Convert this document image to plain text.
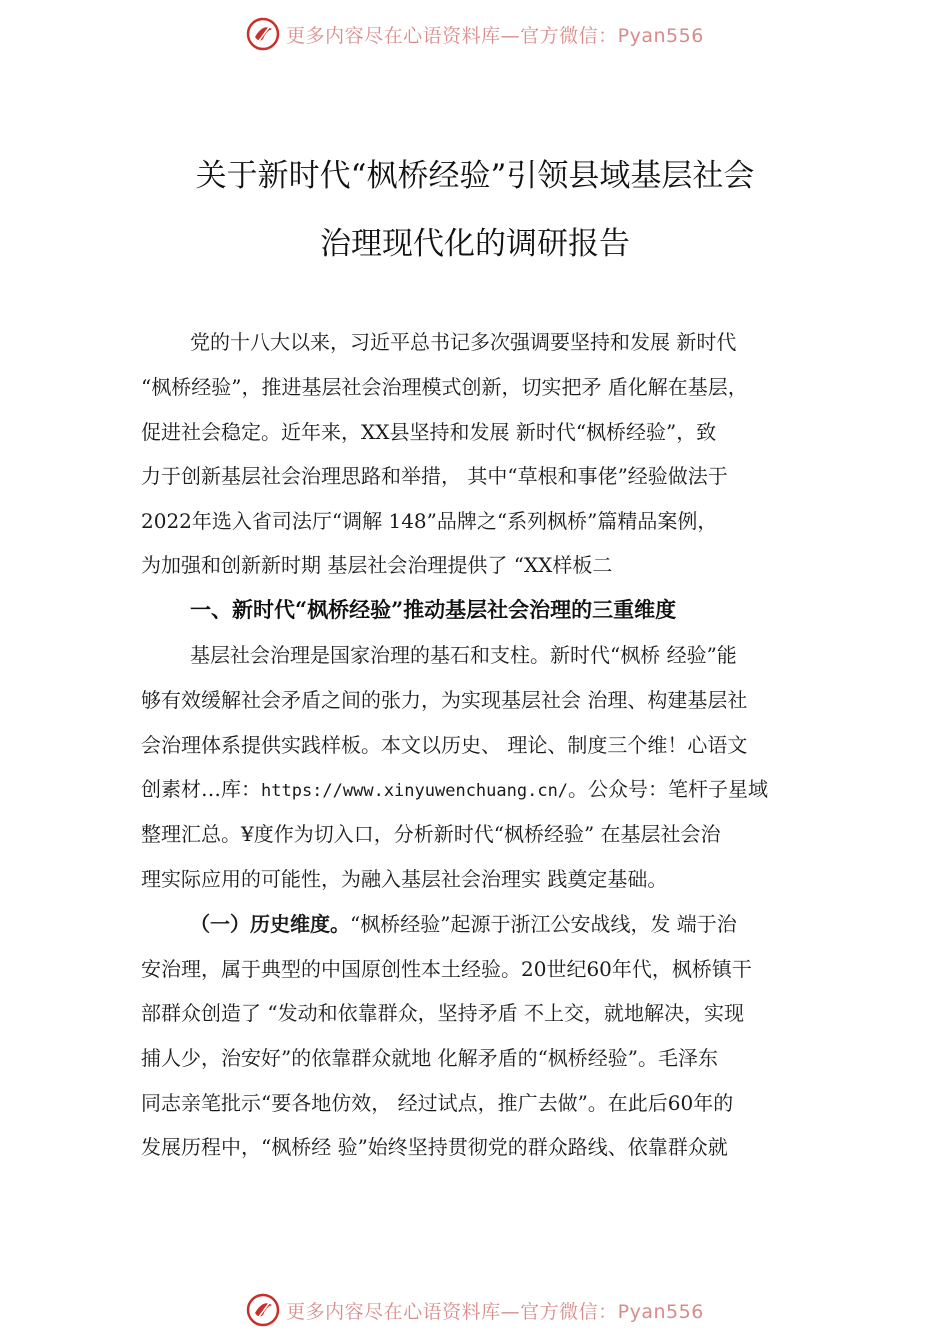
更多内容尽在心语资料库—官方微信：Pyan556
关于新时代“枫桥经验”引领县域基层社会
治理现代化的调研报告
党的十八大以来，习近平总书记多次强调要坚持和发展 新时代
“枫桥经验”，推进基层社会治理模式创新，切实把矛 盾化解在基层，
促进社会稳定。近年来，XX县坚持和发展 新时代“枫桥经验”，致
力于创新基层社会治理思路和举措， 其中“草根和事佬”经验做法于
2022年选入省司法厅“调解 148”品牌之“系列枫桥”篇精品案例，
为加强和创新新时期 基层社会治理提供了 “XX样板二
一、新时代“枫桥经验”推动基层社会治理的三重维度
基层社会治理是国家治理的基石和支柱。新时代“枫桥 经验”能
够有效缓解社会矛盾之间的张力，为实现基层社会 治理、构建基层社
会治理体系提供实践样板。本文以历史、 理论、制度三个维！心语文
创素材…库：https://www.xinyuwenchuang.cn/。公众号：笔杆子星域
整理汇总。¥度作为切入口，分析新时代“枫桥经验” 在基层社会治
理实际应用的可能性，为融入基层社会治理实 践奠定基础。
（一）历史维度。“枫桥经验”起源于浙江公安战线，发 端于治
安治理，属于典型的中国原创性本土经验。20世纪60年代，枫桥镇干
部群众创造了 “发动和依靠群众，坚持矛盾 不上交，就地解决，实现
捕人少，治安好”的依靠群众就地 化解矛盾的“枫桥经验”。毛泽东
同志亲笔批示“要各地仿效， 经过试点，推广去做”。在此后60年的
发展历程中，“枫桥经 验”始终坚持贯彻党的群众路线、依靠群众就
更多内容尽在心语资料库—官方微信：Pyan556
